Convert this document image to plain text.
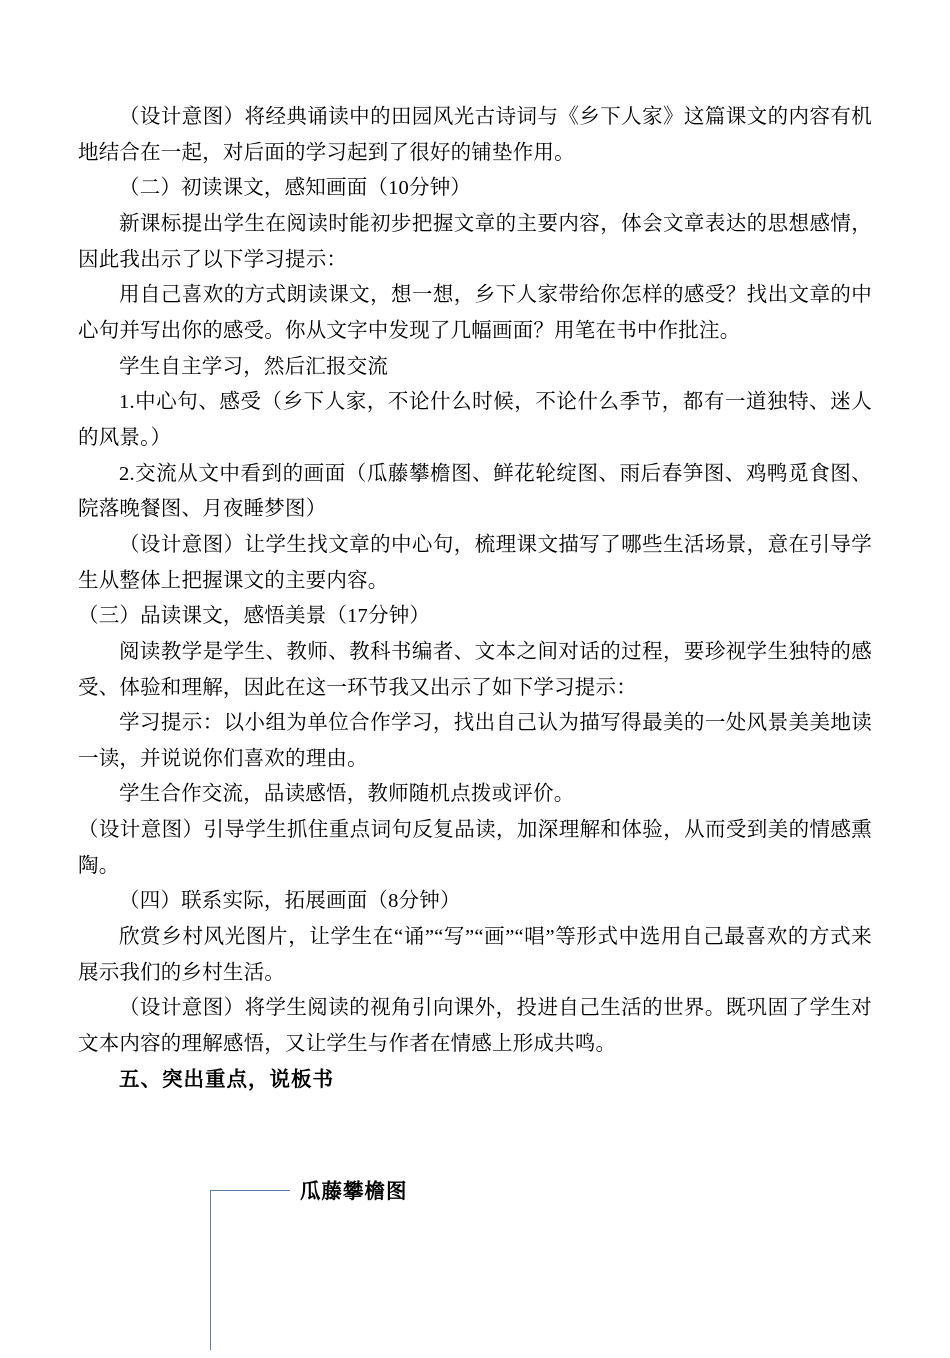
（设计意图）将经典诵读中的田园风光古诗词与《乡下人家》这篇课文的内容有机地结合在一起，对后面的学习起到了很好的铺垫作用。

（二）初读课文，感知画面（10分钟）

新课标提出学生在阅读时能初步把握文章的主要内容，体会文章表达的思想感情，因此我出示了以下学习提示：

用自己喜欢的方式朗读课文，想一想，乡下人家带给你怎样的感受？找出文章的中心句并写出你的感受。你从文字中发现了几幅画面？用笔在书中作批注。

学生自主学习，然后汇报交流

1.中心句、感受（乡下人家，不论什么时候，不论什么季节，都有一道独特、迷人的风景。）

2.交流从文中看到的画面（瓜藤攀檐图、鲜花轮绽图、雨后春笋图、鸡鸭觅食图、院落晚餐图、月夜睡梦图）

（设计意图）让学生找文章的中心句，梳理课文描写了哪些生活场景，意在引导学生从整体上把握课文的主要内容。

（三）品读课文，感悟美景（17分钟）

阅读教学是学生、教师、教科书编者、文本之间对话的过程，要珍视学生独特的感受、体验和理解，因此在这一环节我又出示了如下学习提示：

学习提示：以小组为单位合作学习，找出自己认为描写得最美的一处风景美美地读一读，并说说你们喜欢的理由。

学生合作交流，品读感悟，教师随机点拨或评价。

（设计意图）引导学生抓住重点词句反复品读，加深理解和体验，从而受到美的情感熏陶。

（四）联系实际，拓展画面（8分钟）

欣赏乡村风光图片，让学生在“诵”“写”“画”“唱”等形式中选用自己最喜欢的方式来展示我们的乡村生活。

（设计意图）将学生阅读的视角引向课外，投进自己生活的世界。既巩固了学生对文本内容的理解感悟，又让学生与作者在情感上形成共鸣。

五、突出重点，说板书

瓜藤攀檐图
